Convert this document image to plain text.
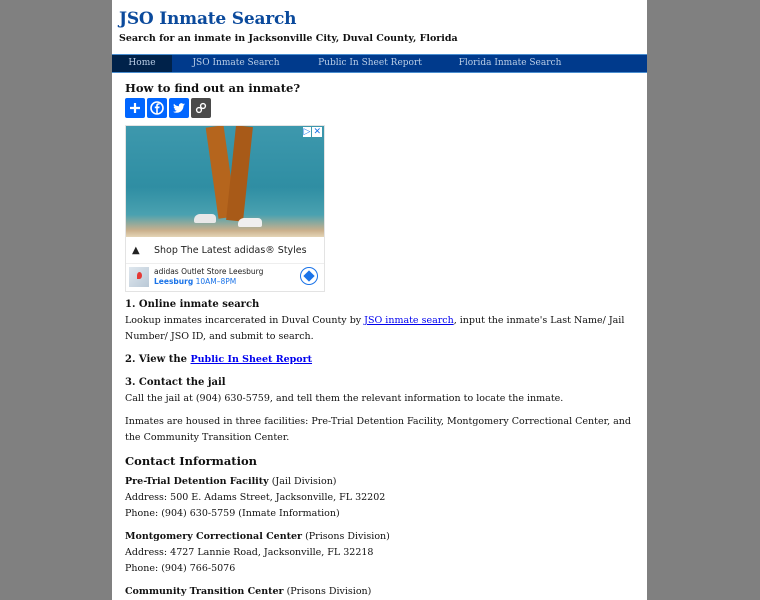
JSO Inmate Search
Search for an inmate in Jacksonville City, Duval County, Florida
Home	JSO Inmate Search	Public In Sheet Report	Florida Inmate Search
How to find out an inmate?
▷ ✕
▲	Shop The Latest adidas® Styles
adidas Outlet Store Leesburg
Leesburg 10AM–8PM
1. Online inmate search
Lookup inmates incarcerated in Duval County by JSO inmate search, input the inmate's Last Name/ Jail Number/ JSO ID, and submit to search.
2. View the Public In Sheet Report
3. Contact the jail
Call the jail at (904) 630-5759, and tell them the relevant information to locate the inmate.

Inmates are housed in three facilities: Pre-Trial Detention Facility, Montgomery Correctional Center, and the Community Transition Center.

Contact Information
Pre-Trial Detention Facility (Jail Division)
Address: 500 E. Adams Street, Jacksonville, FL 32202
Phone: (904) 630-5759 (Inmate Information)
Montgomery Correctional Center (Prisons Division)
Address: 4727 Lannie Road, Jacksonville, FL 32218
Phone: (904) 766-5076
Community Transition Center (Prisons Division)
